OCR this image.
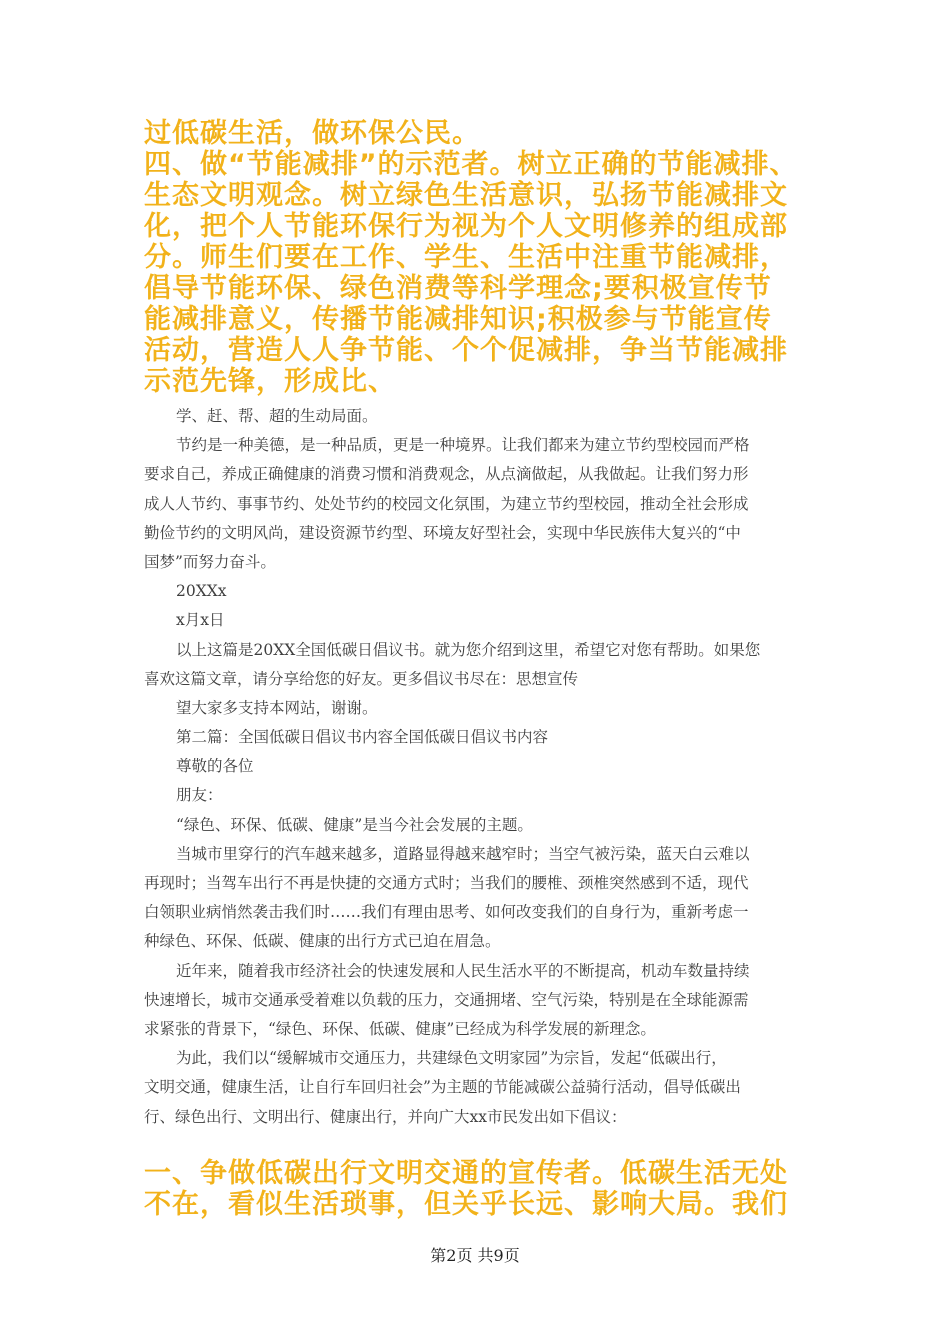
过低碳生活，做环保公民。
四、做“节能减排”的示范者。树立正确的节能减排、
生态文明观念。树立绿色生活意识，弘扬节能减排文
化，把个人节能环保行为视为个人文明修养的组成部
分。师生们要在工作、学生、生活中注重节能减排，
倡导节能环保、绿色消费等科学理念;要积极宣传节
能减排意义，传播节能减排知识;积极参与节能宣传
活动，营造人人争节能、个个促减排，争当节能减排
示范先锋，形成比、
学、赶、帮、超的生动局面。
节约是一种美德，是一种品质，更是一种境界。让我们都来为建立节约型校园而严格
要求自己，养成正确健康的消费习惯和消费观念，从点滴做起，从我做起。让我们努力形
成人人节约、事事节约、处处节约的校园文化氛围，为建立节约型校园，推动全社会形成
勤俭节约的文明风尚，建设资源节约型、环境友好型社会，实现中华民族伟大复兴的“中
国梦”而努力奋斗。
20XXx
x月x日
以上这篇是20XX全国低碳日倡议书。就为您介绍到这里，希望它对您有帮助。如果您
喜欢这篇文章，请分享给您的好友。更多倡议书尽在：思想宣传
望大家多支持本网站，谢谢。
第二篇：全国低碳日倡议书内容全国低碳日倡议书内容
尊敬的各位
朋友：
“绿色、环保、低碳、健康”是当今社会发展的主题。
当城市里穿行的汽车越来越多，道路显得越来越窄时；当空气被污染，蓝天白云难以
再现时；当驾车出行不再是快捷的交通方式时；当我们的腰椎、颈椎突然感到不适，现代
白领职业病悄然袭击我们时……我们有理由思考、如何改变我们的自身行为，重新考虑一
种绿色、环保、低碳、健康的出行方式已迫在眉急。
近年来，随着我市经济社会的快速发展和人民生活水平的不断提高，机动车数量持续
快速增长，城市交通承受着难以负载的压力，交通拥堵、空气污染，特别是在全球能源需
求紧张的背景下，“绿色、环保、低碳、健康”已经成为科学发展的新理念。
为此，我们以“缓解城市交通压力，共建绿色文明家园”为宗旨，发起“低碳出行，
文明交通，健康生活，让自行车回归社会”为主题的节能减碳公益骑行活动，倡导低碳出
行、绿色出行、文明出行、健康出行，并向广大xx市民发出如下倡议：
一、争做低碳出行文明交通的宣传者。低碳生活无处
不在，看似生活琐事，但关乎长远、影响大局。我们
第2页 共9页
